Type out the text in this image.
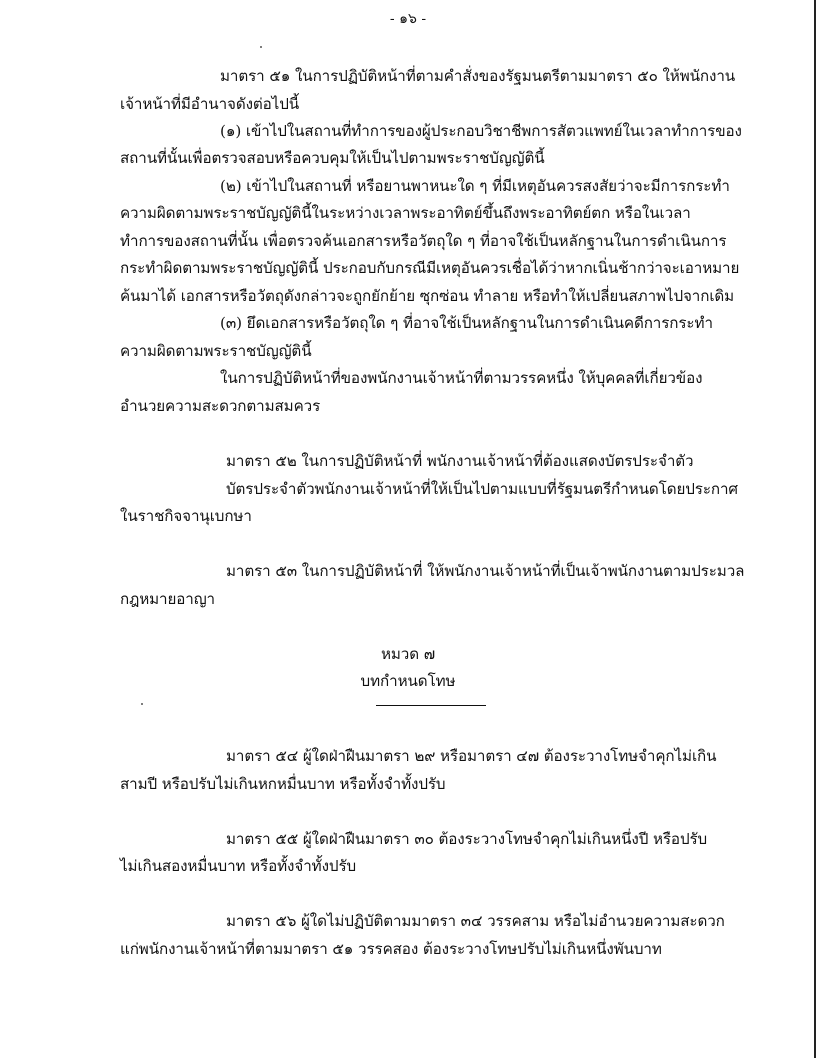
- ๑๖ -
มาตรา ๕๑ ในการปฏิบัติหน้าที่ตามคำสั่งของรัฐมนตรีตามมาตรา ๕๐ ให้พนักงาน
เจ้าหน้าที่มีอำนาจดังต่อไปนี้
(๑) เข้าไปในสถานที่ทำการของผู้ประกอบวิชาชีพการสัตวแพทย์ในเวลาทำการของ
สถานที่นั้นเพื่อตรวจสอบหรือควบคุมให้เป็นไปตามพระราชบัญญัตินี้
(๒) เข้าไปในสถานที่ หรือยานพาหนะใด ๆ ที่มีเหตุอันควรสงสัยว่าจะมีการกระทำ
ความผิดตามพระราชบัญญัตินี้ในระหว่างเวลาพระอาทิตย์ขึ้นถึงพระอาทิตย์ตก หรือในเวลา
ทำการของสถานที่นั้น เพื่อตรวจค้นเอกสารหรือวัตถุใด ๆ ที่อาจใช้เป็นหลักฐานในการดำเนินการ
กระทำผิดตามพระราชบัญญัตินี้ ประกอบกับกรณีมีเหตุอันควรเชื่อได้ว่าหากเนิ่นช้ากว่าจะเอาหมาย
ค้นมาได้ เอกสารหรือวัตถุดังกล่าวจะถูกยักย้าย ซุกซ่อน ทำลาย หรือทำให้เปลี่ยนสภาพไปจากเดิม
(๓) ยึดเอกสารหรือวัตถุใด ๆ ที่อาจใช้เป็นหลักฐานในการดำเนินคดีการกระทำ
ความผิดตามพระราชบัญญัตินี้
ในการปฏิบัติหน้าที่ของพนักงานเจ้าหน้าที่ตามวรรคหนึ่ง ให้บุคคลที่เกี่ยวข้อง
อำนวยความสะดวกตามสมควร
มาตรา ๕๒ ในการปฏิบัติหน้าที่ พนักงานเจ้าหน้าที่ต้องแสดงบัตรประจำตัว
บัตรประจำตัวพนักงานเจ้าหน้าที่ให้เป็นไปตามแบบที่รัฐมนตรีกำหนดโดยประกาศ
ในราชกิจจานุเบกษา
มาตรา ๕๓ ในการปฏิบัติหน้าที่ ให้พนักงานเจ้าหน้าที่เป็นเจ้าพนักงานตามประมวล
กฎหมายอาญา
หมวด ๗
บทกำหนดโทษ
มาตรา ๕๔ ผู้ใดฝ่าฝืนมาตรา ๒๙ หรือมาตรา ๔๗ ต้องระวางโทษจำคุกไม่เกิน
สามปี หรือปรับไม่เกินหกหมื่นบาท หรือทั้งจำทั้งปรับ
มาตรา ๕๕ ผู้ใดฝ่าฝืนมาตรา ๓๐ ต้องระวางโทษจำคุกไม่เกินหนึ่งปี หรือปรับ
ไม่เกินสองหมื่นบาท หรือทั้งจำทั้งปรับ
มาตรา ๕๖ ผู้ใดไม่ปฏิบัติตามมาตรา ๓๔ วรรคสาม หรือไม่อำนวยความสะดวก
แก่พนักงานเจ้าหน้าที่ตามมาตรา ๕๑ วรรคสอง ต้องระวางโทษปรับไม่เกินหนึ่งพันบาท
